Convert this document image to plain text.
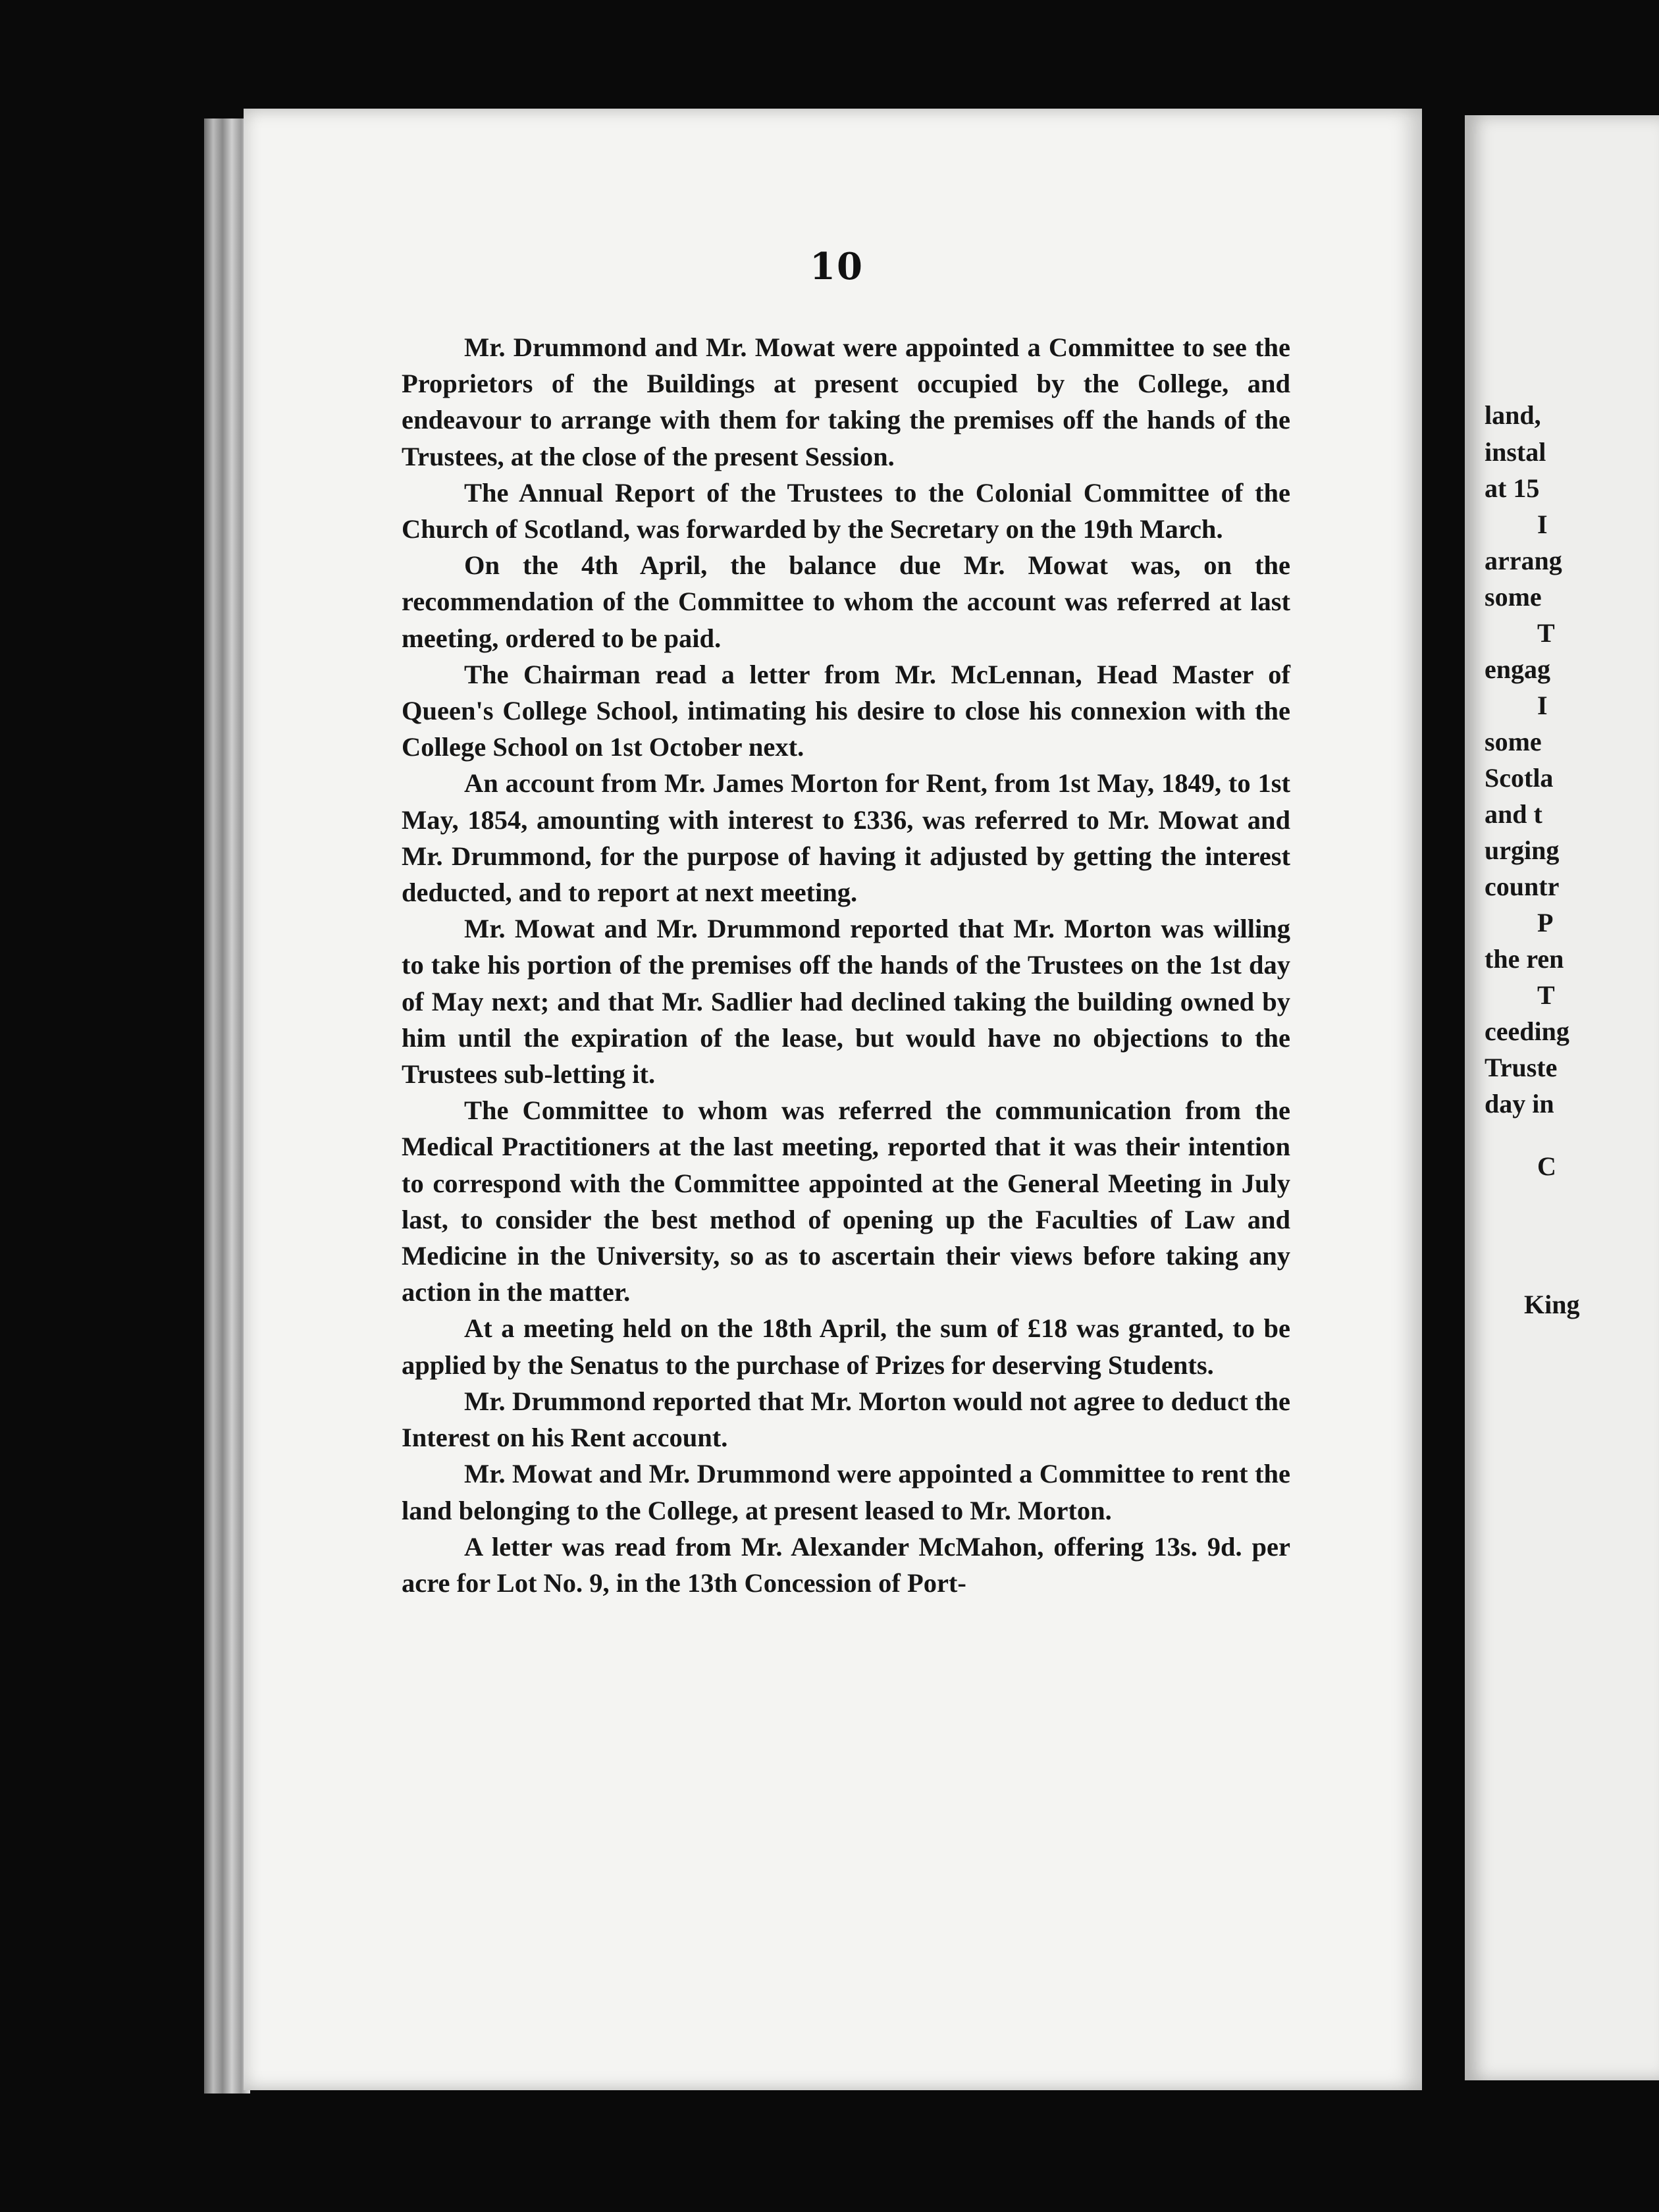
10

Mr. Drummond and Mr. Mowat were appointed a Committee to see the Proprietors of the Buildings at present occupied by the College, and endeavour to arrange with them for taking the premises off the hands of the Trustees, at the close of the present Session.

The Annual Report of the Trustees to the Colonial Committee of the Church of Scotland, was forwarded by the Secretary on the 19th March.

On the 4th April, the balance due Mr. Mowat was, on the recommendation of the Committee to whom the account was referred at last meeting, ordered to be paid.

The Chairman read a letter from Mr. McLennan, Head Master of Queen's College School, intimating his desire to close his connexion with the College School on 1st October next.

An account from Mr. James Morton for Rent, from 1st May, 1849, to 1st May, 1854, amounting with interest to £336, was referred to Mr. Mowat and Mr. Drummond, for the purpose of having it adjusted by getting the interest deducted, and to report at next meeting.

Mr. Mowat and Mr. Drummond reported that Mr. Morton was willing to take his portion of the premises off the hands of the Trustees on the 1st day of May next; and that Mr. Sadlier had declined taking the building owned by him until the expiration of the lease, but would have no objections to the Trustees sub-letting it.

The Committee to whom was referred the communication from the Medical Practitioners at the last meeting, reported that it was their intention to correspond with the Committee appointed at the General Meeting in July last, to consider the best method of opening up the Faculties of Law and Medicine in the University, so as to ascertain their views before taking any action in the matter.

At a meeting held on the 18th April, the sum of £18 was granted, to be applied by the Senatus to the purchase of Prizes for deserving Students.

Mr. Drummond reported that Mr. Morton would not agree to deduct the Interest on his Rent account.

Mr. Mowat and Mr. Drummond were appointed a Committee to rent the land belonging to the College, at present leased to Mr. Morton.

A letter was read from Mr. Alexander McMahon, offering 13s. 9d. per acre for Lot No. 9, in the 13th Concession of Port-

land,
instal
at 15
I
arrang
some
T
engag
I
some
Scotla
and t
urging
countr
P
the ren
T
ceeding
Truste
day in
C
King
